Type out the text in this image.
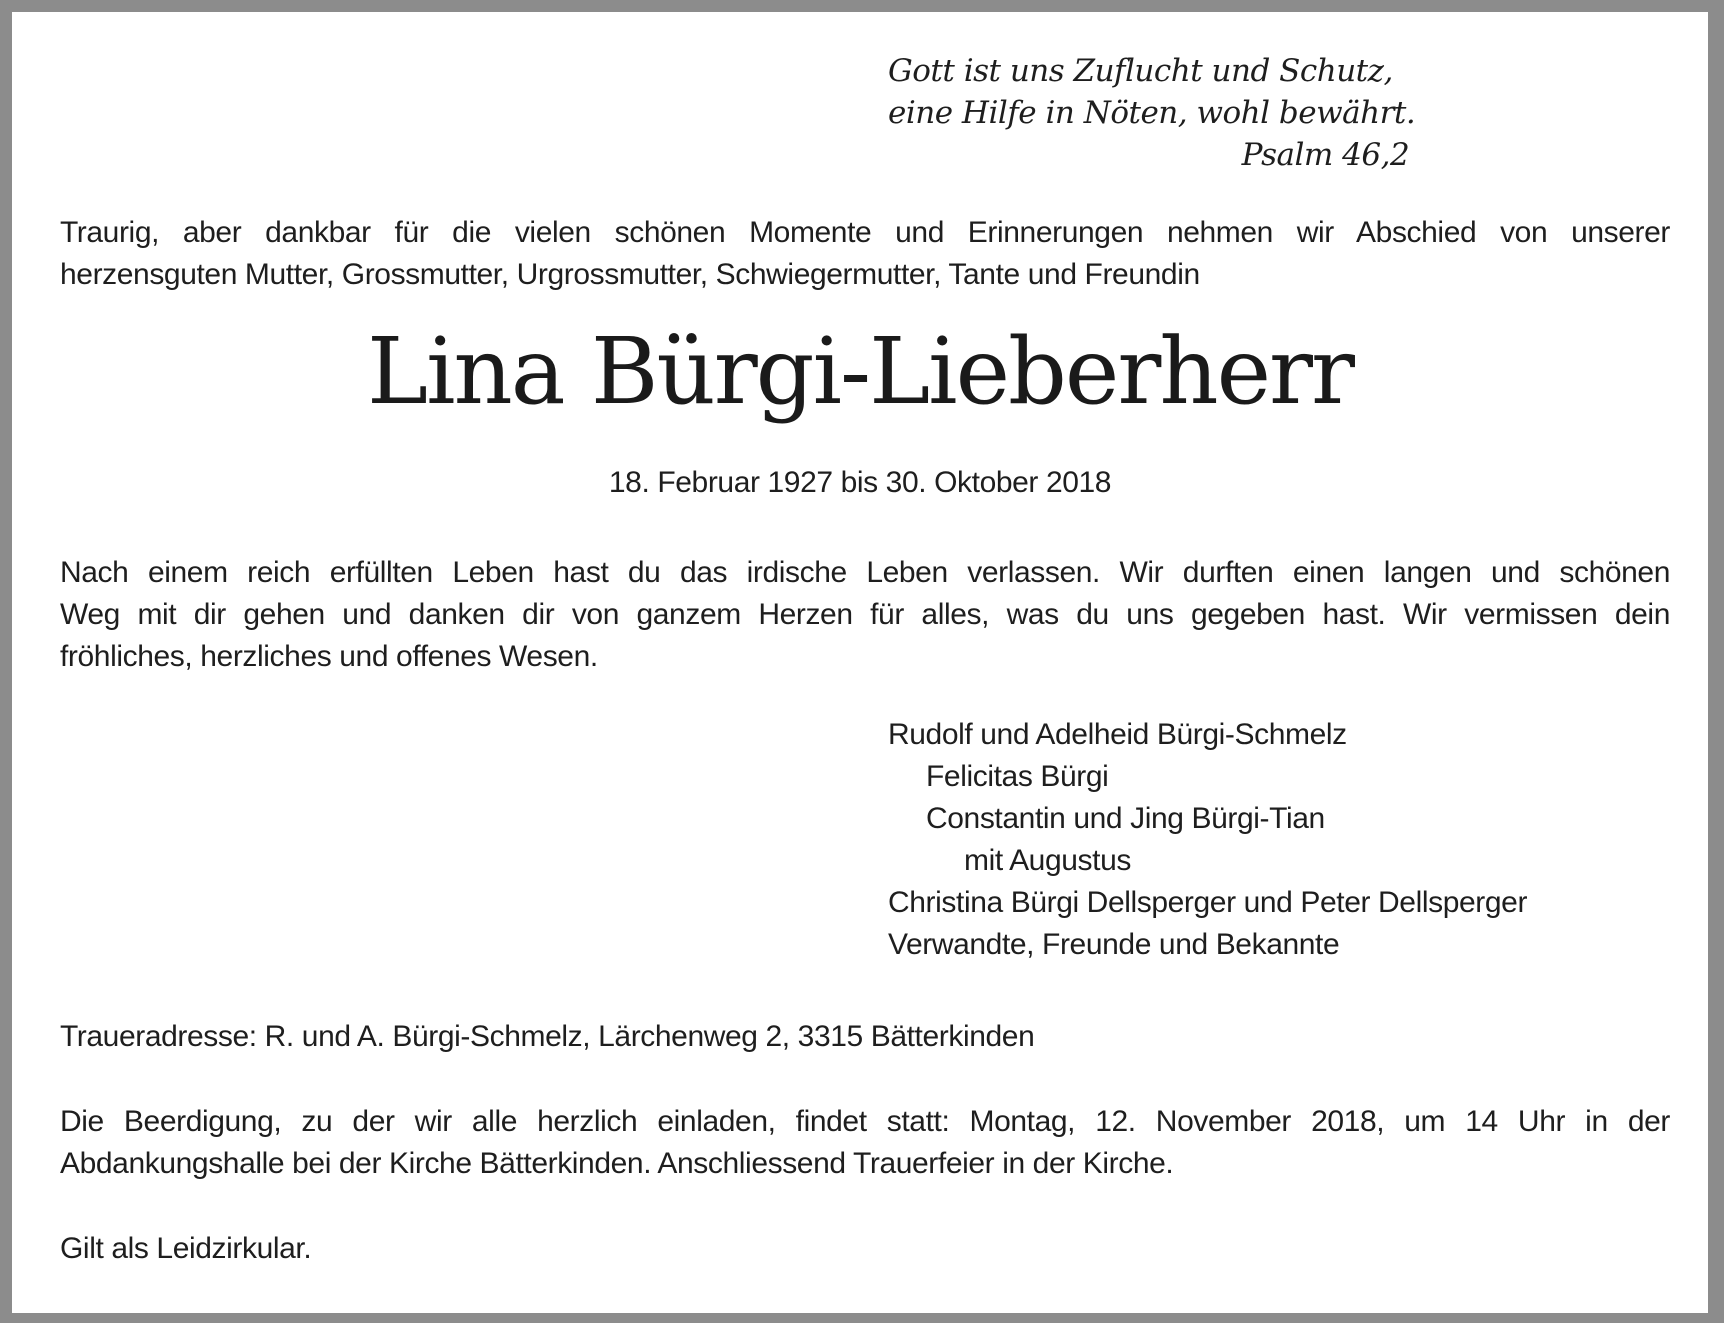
Gott ist uns Zuflucht und Schutz,
eine Hilfe in Nöten, wohl bewährt.
Psalm 46,2
Traurig, aber dankbar für die vielen schönen Momente und Erinnerungen nehmen wir Abschied von unserer
herzensguten Mutter, Grossmutter, Urgrossmutter, Schwiegermutter, Tante und Freundin
Lina Bürgi-Lieberherr
18. Februar 1927 bis 30. Oktober 2018
Nach einem reich erfüllten Leben hast du das irdische Leben verlassen. Wir durften einen langen und schönen
Weg mit dir gehen und danken dir von ganzem Herzen für alles, was du uns gegeben hast. Wir vermissen dein
fröhliches, herzliches und offenes Wesen.
Rudolf und Adelheid Bürgi-Schmelz
Felicitas Bürgi
Constantin und Jing Bürgi-Tian
mit Augustus
Christina Bürgi Dellsperger und Peter Dellsperger
Verwandte, Freunde und Bekannte
Traueradresse: R. und A. Bürgi-Schmelz, Lärchenweg 2, 3315 Bätterkinden
Die Beerdigung, zu der wir alle herzlich einladen, findet statt: Montag, 12. November 2018, um 14 Uhr in der
Abdankungshalle bei der Kirche Bätterkinden. Anschliessend Trauerfeier in der Kirche.
Gilt als Leidzirkular.
